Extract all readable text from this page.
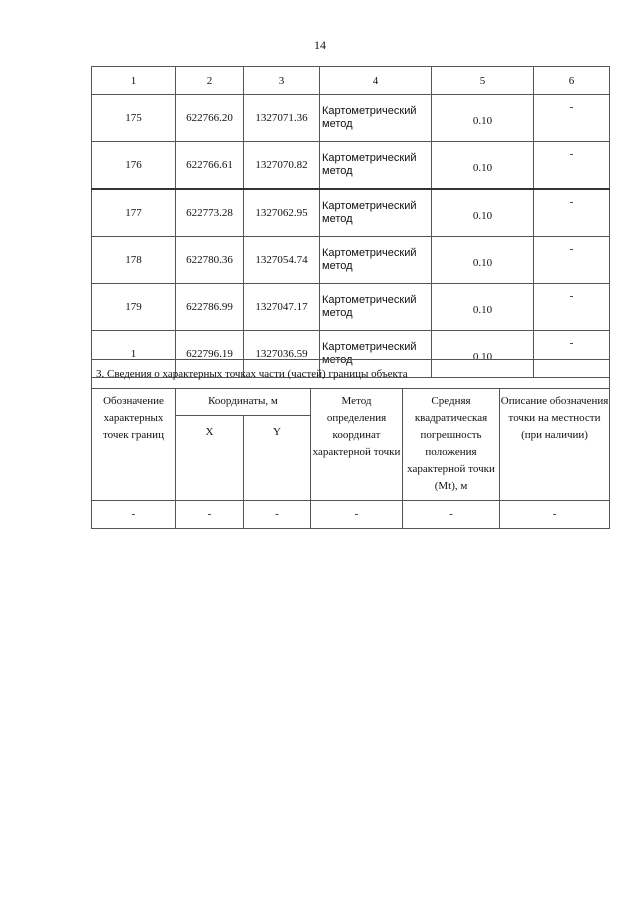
14
1	2	3	4	5	6
175	622766.20	1327071.36	Картометрический метод	0.10	-
176	622766.61	1327070.82	Картометрический метод	0.10	-
177	622773.28	1327062.95	Картометрический метод	0.10	-
178	622780.36	1327054.74	Картометрический метод	0.10	-
179	622786.99	1327047.17	Картометрический метод	0.10	-
1	622796.19	1327036.59	Картометрический метод	0.10	-
3. Сведения о характерных точках части (частей) границы объекта					
Обозначение характерных точек границ	Координаты, м		Метод определения координат характерной точки	Средняя квадратическая погрешность положения характерной точки (Mt), м	Описание обозначения точки на местности (при наличии)
	X	Y			
-	-	-	-	-	-
